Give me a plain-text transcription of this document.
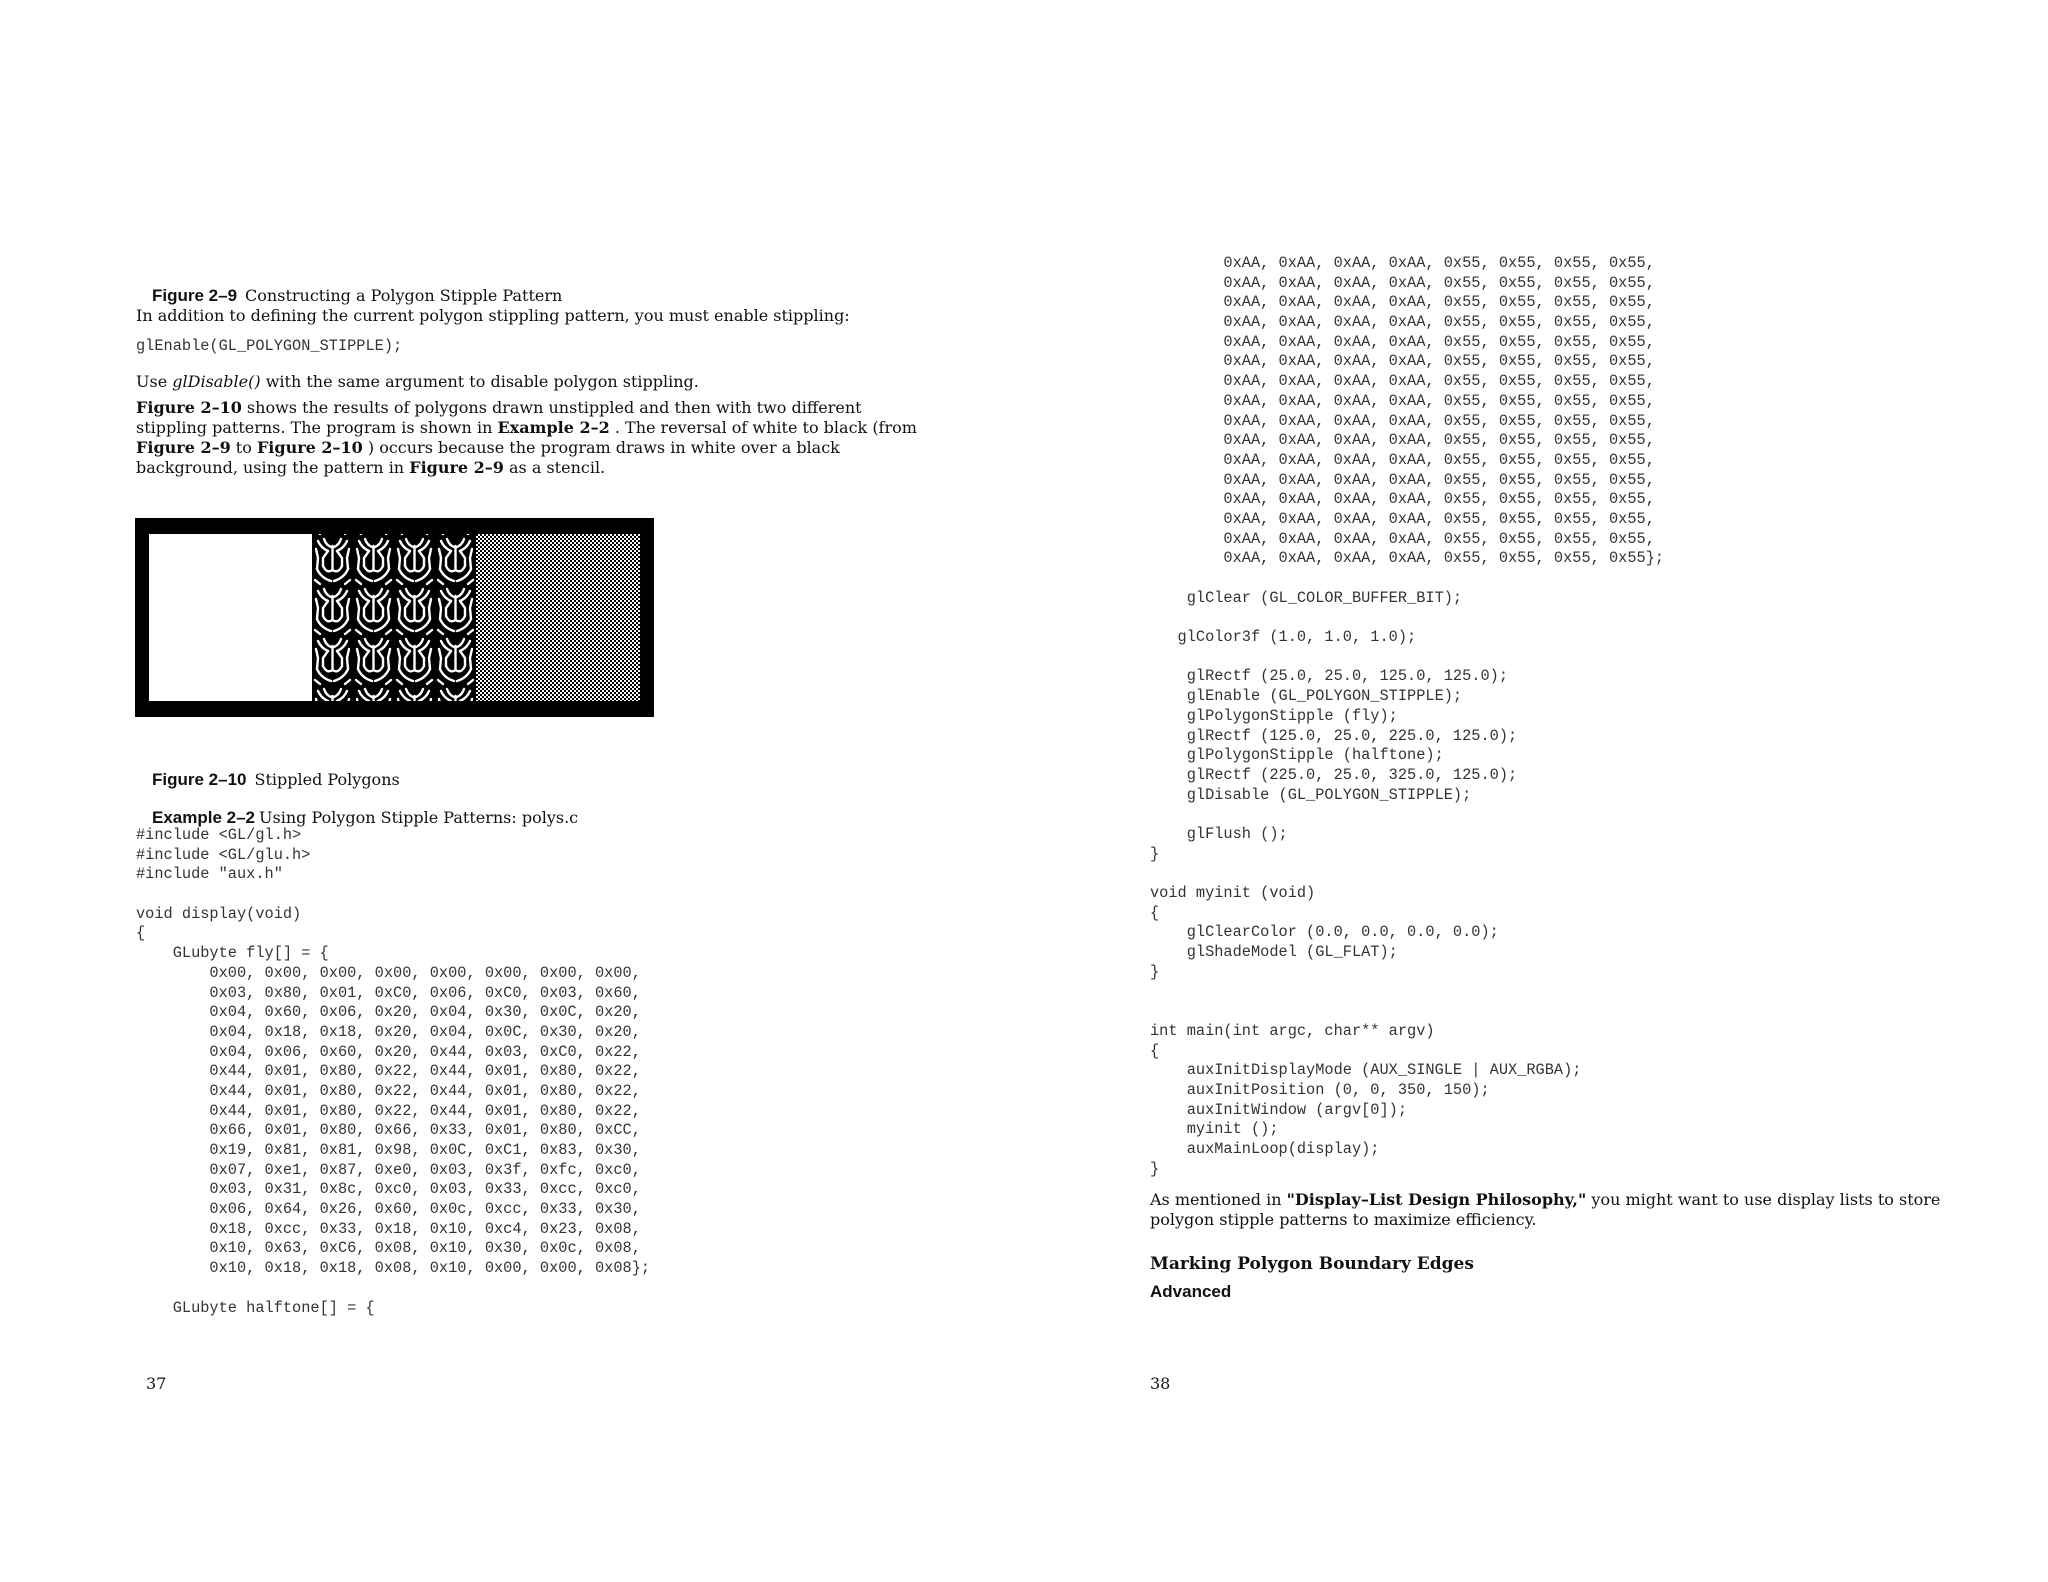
Figure 2–9 Constructing a Polygon Stipple Pattern

In addition to defining the current polygon stippling pattern, you must enable stippling:
glEnable(GL_POLYGON_STIPPLE);
Use glDisable() with the same argument to disable polygon stippling.
Figure 2–10 shows the results of polygons drawn unstippled and then with two different stippling patterns. The program is shown in Example 2–2 . The reversal of white to black (from Figure 2–9 to Figure 2–10 ) occurs because the program draws in white over a black background, using the pattern in Figure 2–9 as a stencil.

Figure 2–10 Stippled Polygons

Example 2–2 Using Polygon Stipple Patterns: polys.c

#include <GL/gl.h>
#include <GL/glu.h>
#include "aux.h"
void display(void)
{
GLubyte fly[] = {
0x00, 0x00, 0x00, 0x00, 0x00, 0x00, 0x00, 0x00,
0x03, 0x80, 0x01, 0xC0, 0x06, 0xC0, 0x03, 0x60,
0x04, 0x60, 0x06, 0x20, 0x04, 0x30, 0x0C, 0x20,
0x04, 0x18, 0x18, 0x20, 0x04, 0x0C, 0x30, 0x20,
0x04, 0x06, 0x60, 0x20, 0x44, 0x03, 0xC0, 0x22,
0x44, 0x01, 0x80, 0x22, 0x44, 0x01, 0x80, 0x22,
0x44, 0x01, 0x80, 0x22, 0x44, 0x01, 0x80, 0x22,
0x44, 0x01, 0x80, 0x22, 0x44, 0x01, 0x80, 0x22,
0x66, 0x01, 0x80, 0x66, 0x33, 0x01, 0x80, 0xCC,
0x19, 0x81, 0x81, 0x98, 0x0C, 0xC1, 0x83, 0x30,
0x07, 0xe1, 0x87, 0xe0, 0x03, 0x3f, 0xfc, 0xc0,
0x03, 0x31, 0x8c, 0xc0, 0x03, 0x33, 0xcc, 0xc0,
0x06, 0x64, 0x26, 0x60, 0x0c, 0xcc, 0x33, 0x30,
0x18, 0xcc, 0x33, 0x18, 0x10, 0xc4, 0x23, 0x08,
0x10, 0x63, 0xC6, 0x08, 0x10, 0x30, 0x0c, 0x08,
0x10, 0x18, 0x18, 0x08, 0x10, 0x00, 0x00, 0x08};
GLubyte halftone[] = {
37
0xAA, 0xAA, 0xAA, 0xAA, 0x55, 0x55, 0x55, 0x55,
0xAA, 0xAA, 0xAA, 0xAA, 0x55, 0x55, 0x55, 0x55,
0xAA, 0xAA, 0xAA, 0xAA, 0x55, 0x55, 0x55, 0x55,
0xAA, 0xAA, 0xAA, 0xAA, 0x55, 0x55, 0x55, 0x55,
0xAA, 0xAA, 0xAA, 0xAA, 0x55, 0x55, 0x55, 0x55,
0xAA, 0xAA, 0xAA, 0xAA, 0x55, 0x55, 0x55, 0x55,
0xAA, 0xAA, 0xAA, 0xAA, 0x55, 0x55, 0x55, 0x55,
0xAA, 0xAA, 0xAA, 0xAA, 0x55, 0x55, 0x55, 0x55,
0xAA, 0xAA, 0xAA, 0xAA, 0x55, 0x55, 0x55, 0x55,
0xAA, 0xAA, 0xAA, 0xAA, 0x55, 0x55, 0x55, 0x55,
0xAA, 0xAA, 0xAA, 0xAA, 0x55, 0x55, 0x55, 0x55,
0xAA, 0xAA, 0xAA, 0xAA, 0x55, 0x55, 0x55, 0x55,
0xAA, 0xAA, 0xAA, 0xAA, 0x55, 0x55, 0x55, 0x55,
0xAA, 0xAA, 0xAA, 0xAA, 0x55, 0x55, 0x55, 0x55,
0xAA, 0xAA, 0xAA, 0xAA, 0x55, 0x55, 0x55, 0x55,
0xAA, 0xAA, 0xAA, 0xAA, 0x55, 0x55, 0x55, 0x55};
glClear (GL_COLOR_BUFFER_BIT);
glColor3f (1.0, 1.0, 1.0);
glRectf (25.0, 25.0, 125.0, 125.0);
glEnable (GL_POLYGON_STIPPLE);
glPolygonStipple (fly);
glRectf (125.0, 25.0, 225.0, 125.0);
glPolygonStipple (halftone);
glRectf (225.0, 25.0, 325.0, 125.0);
glDisable (GL_POLYGON_STIPPLE);
glFlush ();
}
void myinit (void)
{
glClearColor (0.0, 0.0, 0.0, 0.0);
glShadeModel (GL_FLAT);
}
int main(int argc, char** argv)
{
auxInitDisplayMode (AUX_SINGLE | AUX_RGBA);
auxInitPosition (0, 0, 350, 150);
auxInitWindow (argv[0]);
myinit ();
auxMainLoop(display);
}
As mentioned in "Display–List Design Philosophy," you might want to use display lists to store polygon stipple patterns to maximize efficiency.
Marking Polygon Boundary Edges
Advanced
38
